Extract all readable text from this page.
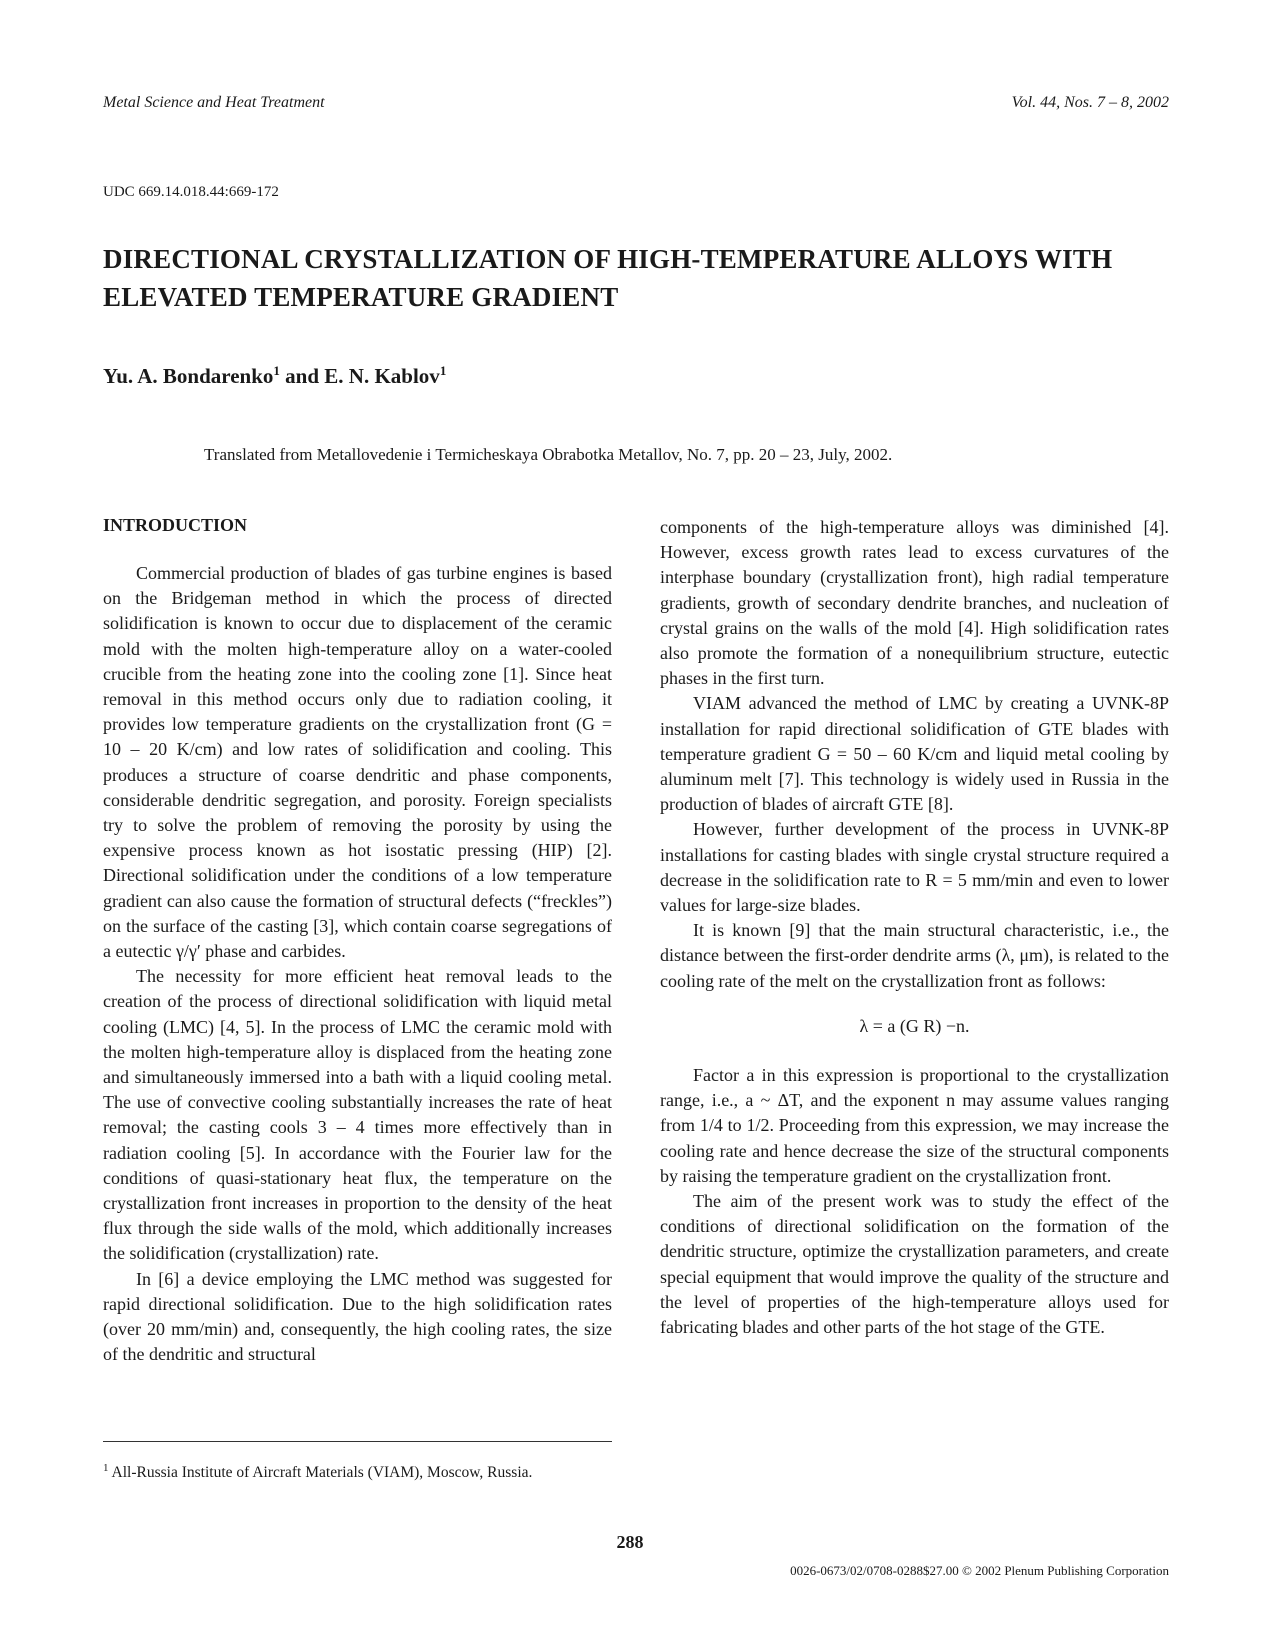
Metal Science and Heat Treatment	Vol. 44, Nos. 7 – 8, 2002
UDC 669.14.018.44:669-172
DIRECTIONAL CRYSTALLIZATION OF HIGH-TEMPERATURE ALLOYS WITH ELEVATED TEMPERATURE GRADIENT
Yu. A. Bondarenko$^1$ and E. N. Kablov$^1$
Translated from Metallovedenie i Termicheskaya Obrabotka Metallov, No. 7, pp. 20 – 23, July, 2002.

INTRODUCTION

Commercial production of blades of gas turbine engines is based on the Bridgeman method in which the process of directed solidification is known to occur due to displacement of the ceramic mold with the molten high-temperature alloy on a water-cooled crucible from the heating zone into the cooling zone [1]. Since heat removal in this method occurs only due to radiation cooling, it provides low temperature gradients on the crystallization front (G = 10 – 20 K/cm) and low rates of solidification and cooling. This produces a structure of coarse dendritic and phase components, considerable dendritic segregation, and porosity. Foreign specialists try to solve the problem of removing the porosity by using the expensive process known as hot isostatic pressing (HIP) [2]. Directional solidification under the conditions of a low temperature gradient can also cause the formation of structural defects (“freckles”) on the surface of the casting [3], which contain coarse segregations of a eutectic γ/γ′ phase and carbides.

The necessity for more efficient heat removal leads to the creation of the process of directional solidification with liquid metal cooling (LMC) [4, 5]. In the process of LMC the ceramic mold with the molten high-temperature alloy is displaced from the heating zone and simultaneously immersed into a bath with a liquid cooling metal. The use of convective cooling substantially increases the rate of heat removal; the casting cools 3 – 4 times more effectively than in radiation cooling [5]. In accordance with the Fourier law for the conditions of quasi-stationary heat flux, the temperature on the crystallization front increases in proportion to the density of the heat flux through the side walls of the mold, which additionally increases the solidification (crystallization) rate.

In [6] a device employing the LMC method was suggested for rapid directional solidification. Due to the high solidification rates (over 20 mm/min) and, consequently, the high cooling rates, the size of the dendritic and structural

components of the high-temperature alloys was diminished [4]. However, excess growth rates lead to excess curvatures of the interphase boundary (crystallization front), high radial temperature gradients, growth of secondary dendrite branches, and nucleation of crystal grains on the walls of the mold [4]. High solidification rates also promote the formation of a nonequilibrium structure, eutectic phases in the first turn.

VIAM advanced the method of LMC by creating a UVNK-8P installation for rapid directional solidification of GTE blades with temperature gradient G = 50 – 60 K/cm and liquid metal cooling by aluminum melt [7]. This technology is widely used in Russia in the production of blades of aircraft GTE [8].

However, further development of the process in UVNK-8P installations for casting blades with single crystal structure required a decrease in the solidification rate to R = 5 mm/min and even to lower values for large-size blades.

It is known [9] that the main structural characteristic, i.e., the distance between the first-order dendrite arms (λ, μm), is related to the cooling rate of the melt on the crystallization front as follows:

λ = a (G R) −n.

Factor a in this expression is proportional to the crystallization range, i.e., a ~ ΔT, and the exponent n may assume values ranging from 1/4 to 1/2. Proceeding from this expression, we may increase the cooling rate and hence decrease the size of the structural components by raising the temperature gradient on the crystallization front.

The aim of the present work was to study the effect of the conditions of directional solidification on the formation of the dendritic structure, optimize the crystallization parameters, and create special equipment that would improve the quality of the structure and the level of properties of the high-temperature alloys used for fabricating blades and other parts of the hot stage of the GTE.

$^1$ All-Russia Institute of Aircraft Materials (VIAM), Moscow, Russia.
288
0026-0673/02/0708-0288$27.00 © 2002 Plenum Publishing Corporation
